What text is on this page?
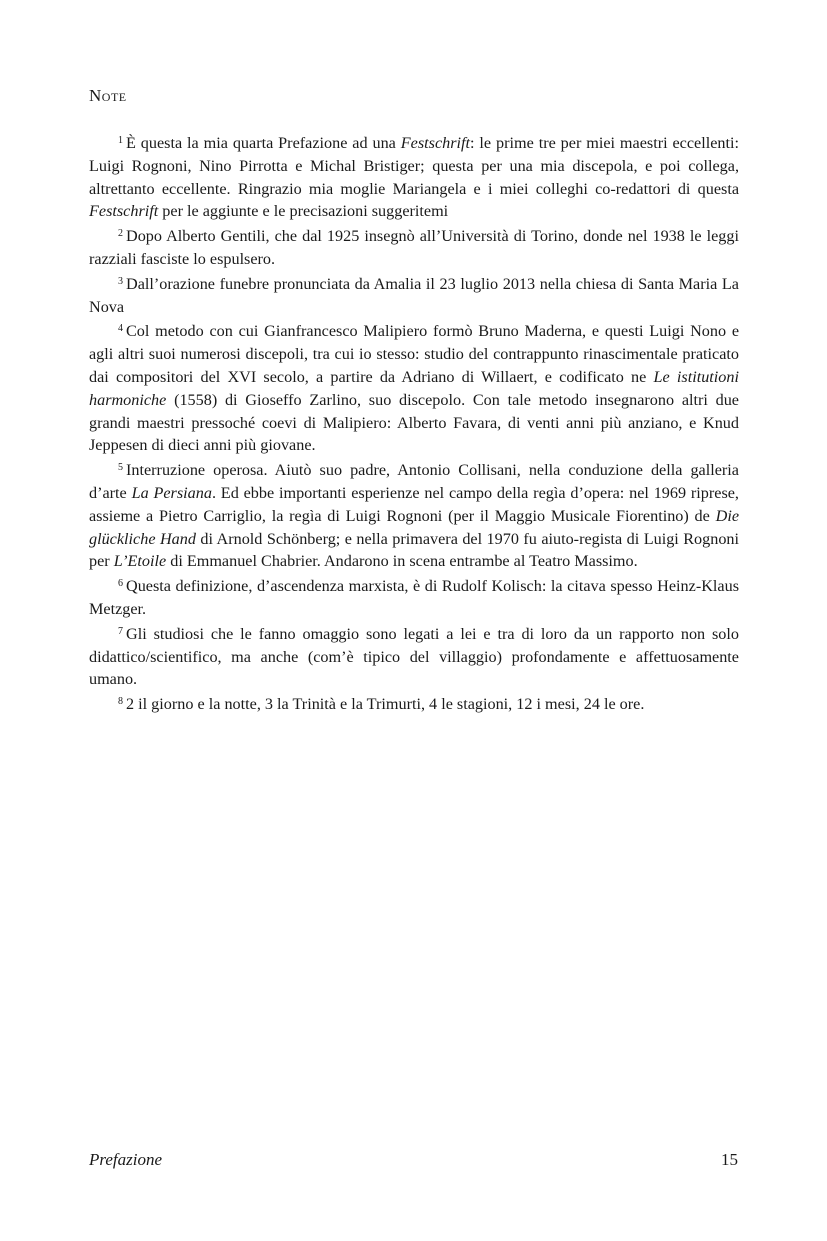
Note

$^1$ È questa la mia quarta Prefazione ad una Festschrift: le prime tre per miei maestri eccellenti: Luigi Rognoni, Nino Pirrotta e Michal Bristiger; questa per una mia discepola, e poi collega, altrettanto eccellente. Ringrazio mia moglie Mariangela e i miei colleghi co-redattori di questa Festschrift per le aggiunte e le precisazioni suggeritemi

$^2$ Dopo Alberto Gentili, che dal 1925 insegnò all’Università di Torino, donde nel 1938 le leggi razziali fasciste lo espulsero.

$^3$ Dall’orazione funebre pronunciata da Amalia il 23 luglio 2013 nella chiesa di Santa Maria La Nova

$^4$ Col metodo con cui Gianfrancesco Malipiero formò Bruno Maderna, e questi Luigi Nono e agli altri suoi numerosi discepoli, tra cui io stesso: studio del contrappunto rinascimentale praticato dai compositori del XVI secolo, a partire da Adriano di Willaert, e codificato ne Le istitutioni harmoniche (1558) di Gioseffo Zarlino, suo discepolo. Con tale metodo insegnarono altri due grandi maestri pressoché coevi di Malipiero: Alberto Favara, di venti anni più anziano, e Knud Jeppesen di dieci anni più giovane.

$^5$ Interruzione operosa. Aiutò suo padre, Antonio Collisani, nella conduzione della galleria d’arte La Persiana. Ed ebbe importanti esperienze nel campo della regìa d’opera: nel 1969 riprese, assieme a Pietro Carriglio, la regìa di Luigi Rognoni (per il Maggio Musicale Fiorentino) de Die glückliche Hand di Arnold Schönberg; e nella primavera del 1970 fu aiuto-regista di Luigi Rognoni per L’Etoile di Emmanuel Chabrier. Andarono in scena entrambe al Teatro Massimo.

$^6$ Questa definizione, d’ascendenza marxista, è di Rudolf Kolisch: la citava spesso Heinz-Klaus Metzger.

$^7$ Gli studiosi che le fanno omaggio sono legati a lei e tra di loro da un rapporto non solo didattico/scientifico, ma anche (com’è tipico del villaggio) profondamente e affettuosamente umano.

$^8$ 2 il giorno e la notte, 3 la Trinità e la Trimurti, 4 le stagioni, 12 i mesi, 24 le ore.

Prefazione	15
